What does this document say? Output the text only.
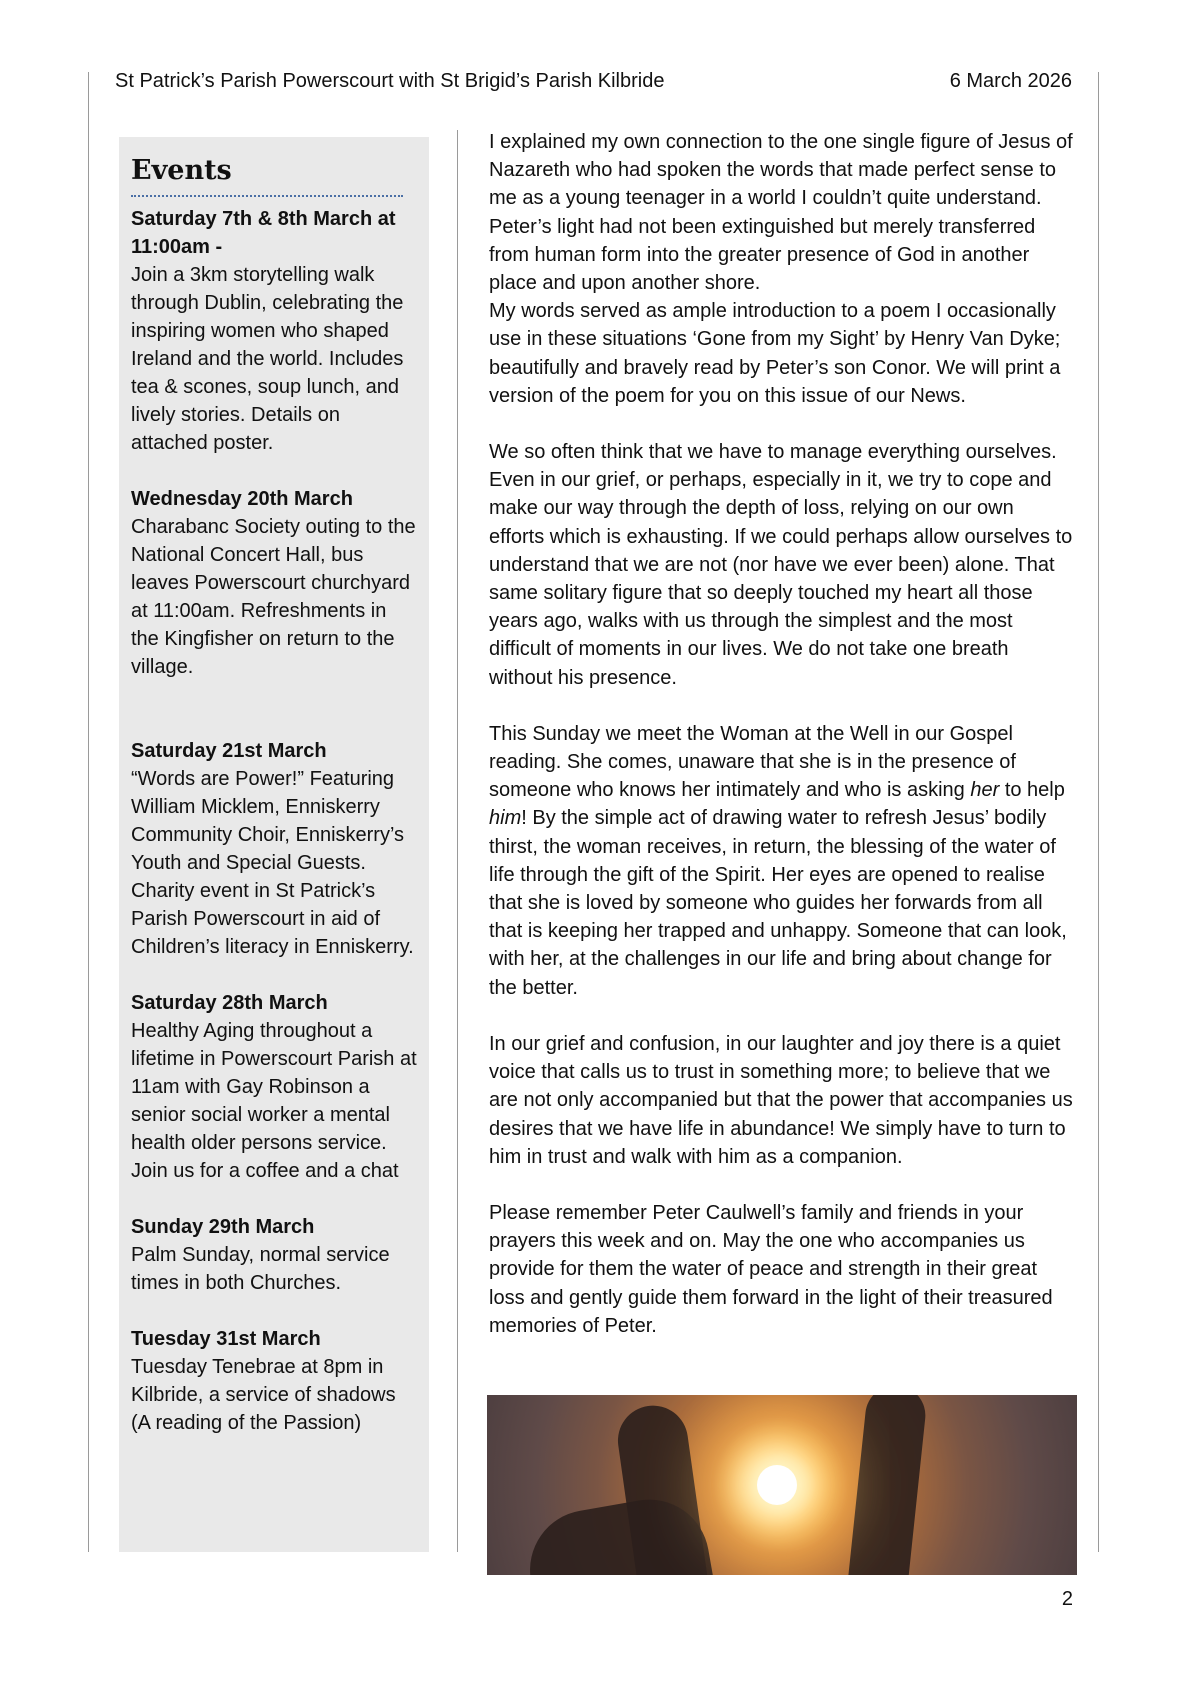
St Patrick’s Parish Powerscourt with St Brigid’s Parish Kilbride	6 March 2026
Events
Saturday 7th & 8th March at 11:00am -
Join a 3km storytelling walk through Dublin, celebrating the inspiring women who shaped Ireland and the world. Includes tea & scones, soup lunch, and lively stories. Details on attached poster.
Wednesday 20th March
Charabanc Society outing to the National Concert Hall, bus leaves Powerscourt churchyard at 11:00am. Refreshments in the Kingfisher on return to the village.
Saturday 21st March
“Words are Power!” Featuring William Micklem, Enniskerry Community Choir, Enniskerry’s Youth and Special Guests. Charity event in St Patrick’s Parish Powerscourt in aid of Children’s literacy in Enniskerry.
Saturday 28th March
Healthy Aging throughout a lifetime in Powerscourt Parish at 11am with Gay Robinson a senior social worker a mental health older persons service. Join us for a coffee and a chat
Sunday 29th March
Palm Sunday, normal service times in both Churches.
Tuesday 31st March
Tuesday Tenebrae at 8pm in Kilbride, a service of shadows (A reading of the Passion)

I explained my own connection to the one single figure of Jesus of Nazareth who had spoken the words that made perfect sense to me as a young teenager in a world I couldn’t quite understand. Peter’s light had not been extinguished but merely transferred from human form into the greater presence of God in another place and upon another shore.

My words served as ample introduction to a poem I occasionally use in these situations ‘Gone from my Sight’ by Henry Van Dyke; beautifully and bravely read by Peter’s son Conor. We will print a version of the poem for you on this issue of our News.

We so often think that we have to manage everything ourselves. Even in our grief, or perhaps, especially in it, we try to cope and make our way through the depth of loss, relying on our own efforts which is exhausting. If we could perhaps allow ourselves to understand that we are not (nor have we ever been) alone. That same solitary figure that so deeply touched my heart all those years ago, walks with us through the simplest and the most difficult of moments in our lives. We do not take one breath without his presence.

This Sunday we meet the Woman at the Well in our Gospel reading. She comes, unaware that she is in the presence of someone who knows her intimately and who is asking her to help him! By the simple act of drawing water to refresh Jesus’ bodily thirst, the woman receives, in return, the blessing of the water of life through the gift of the Spirit. Her eyes are opened to realise that she is loved by someone who guides her forwards from all that is keeping her trapped and unhappy. Someone that can look, with her, at the challenges in our life and bring about change for the better.

In our grief and confusion, in our laughter and joy there is a quiet voice that calls us to trust in something more; to believe that we are not only accompanied but that the power that accompanies us desires that we have life in abundance! We simply have to turn to him in trust and walk with him as a companion.

Please remember Peter Caulwell’s family and friends in your prayers this week and on. May the one who accompanies us provide for them the water of peace and strength in their great loss and gently guide them forward in the light of their treasured memories of Peter.

2
